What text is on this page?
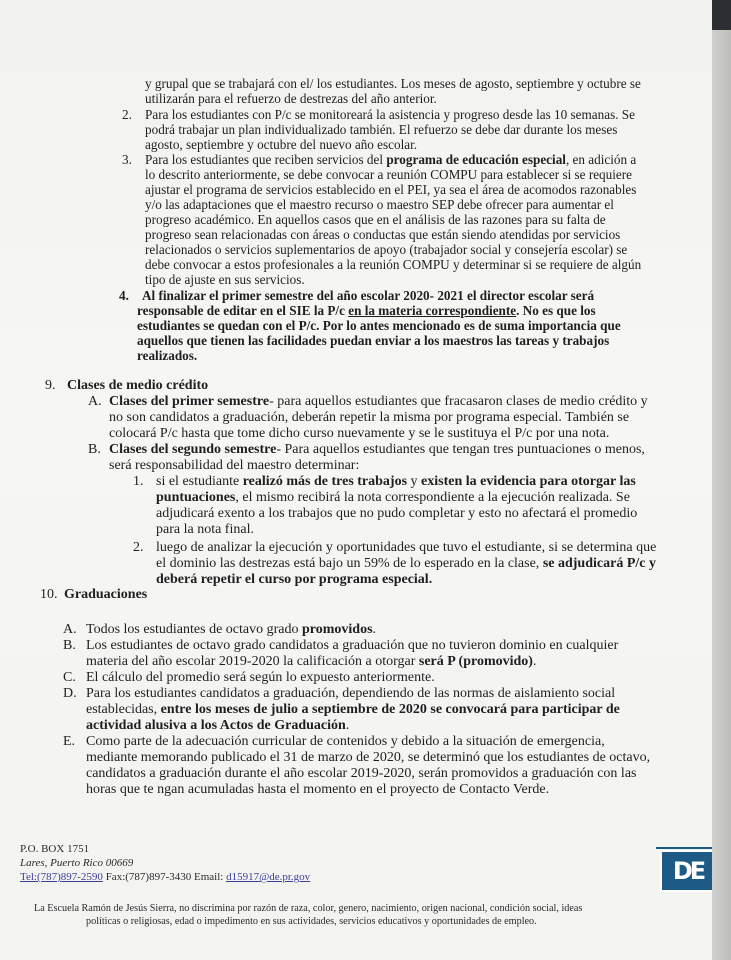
y grupal que se trabajará con el/ los estudiantes. Los meses de agosto, septiembre y octubre se
utilizarán para el refuerzo de destrezas del año anterior.
2. Para los estudiantes con P/c se monitoreará la asistencia y progreso desde las 10 semanas. Se
podrá trabajar un plan individualizado también. El refuerzo se debe dar durante los meses
agosto, septiembre y octubre del nuevo año escolar.
3. Para los estudiantes que reciben servicios del programa de educación especial, en adición a
lo descrito anteriormente, se debe convocar a reunión COMPU para establecer si se requiere
ajustar el programa de servicios establecido en el PEI, ya sea el área de acomodos razonables
y/o las adaptaciones que el maestro recurso o maestro SEP debe ofrecer para aumentar el
progreso académico. En aquellos casos que en el análisis de las razones para su falta de
progreso sean relacionadas con áreas o conductas que están siendo atendidas por servicios
relacionados o servicios suplementarios de apoyo (trabajador social y consejería escolar) se
debe convocar a estos profesionales a la reunión COMPU y determinar si se requiere de algún
tipo de ajuste en sus servicios.
4. Al finalizar el primer semestre del año escolar 2020- 2021 el director escolar será
responsable de editar en el SIE la P/c en la materia correspondiente. No es que los
estudiantes se quedan con el P/c. Por lo antes mencionado es de suma importancia que
aquellos que tienen las facilidades puedan enviar a los maestros las tareas y trabajos
realizados.
9. Clases de medio crédito
A. Clases del primer semestre- para aquellos estudiantes que fracasaron clases de medio crédito y
no son candidatos a graduación, deberán repetir la misma por programa especial. También se
colocará P/c hasta que tome dicho curso nuevamente y se le sustituya el P/c por una nota.
B. Clases del segundo semestre- Para aquellos estudiantes que tengan tres puntuaciones o menos,
será responsabilidad del maestro determinar:
1. si el estudiante realizó más de tres trabajos y existen la evidencia para otorgar las
puntuaciones, el mismo recibirá la nota correspondiente a la ejecución realizada. Se
adjudicará exento a los trabajos que no pudo completar y esto no afectará el promedio
para la nota final.
2. luego de analizar la ejecución y oportunidades que tuvo el estudiante, si se determina que
el dominio las destrezas está bajo un 59% de lo esperado en la clase, se adjudicará P/c y
deberá repetir el curso por programa especial.
10. Graduaciones
A. Todos los estudiantes de octavo grado promovidos.
B. Los estudiantes de octavo grado candidatos a graduación que no tuvieron dominio en cualquier
materia del año escolar 2019-2020 la calificación a otorgar será P (promovido).
C. El cálculo del promedio será según lo expuesto anteriormente.
D. Para los estudiantes candidatos a graduación, dependiendo de las normas de aislamiento social
establecidas, entre los meses de julio a septiembre de 2020 se convocará para participar de
actividad alusiva a los Actos de Graduación.
E. Como parte de la adecuación curricular de contenidos y debido a la situación de emergencia,
mediante memorando publicado el 31 de marzo de 2020, se determinó que los estudiantes de octavo,
candidatos a graduación durante el año escolar 2019-2020, serán promovidos a graduación con las
horas que te ngan acumuladas hasta el momento en el proyecto de Contacto Verde.
P.O. BOX 1751
Lares, Puerto Rico 00669
Tel:(787)897-2590 Fax:(787)897-3430 Email: d15917@de.pr.gov	DE
La Escuela Ramón de Jesús Sierra, no discrimina por razón de raza, color, genero, nacimiento, origen nacional, condición social, ideas
políticas o religiosas, edad o impedimento en sus actividades, servicios educativos y oportunidades de empleo.
